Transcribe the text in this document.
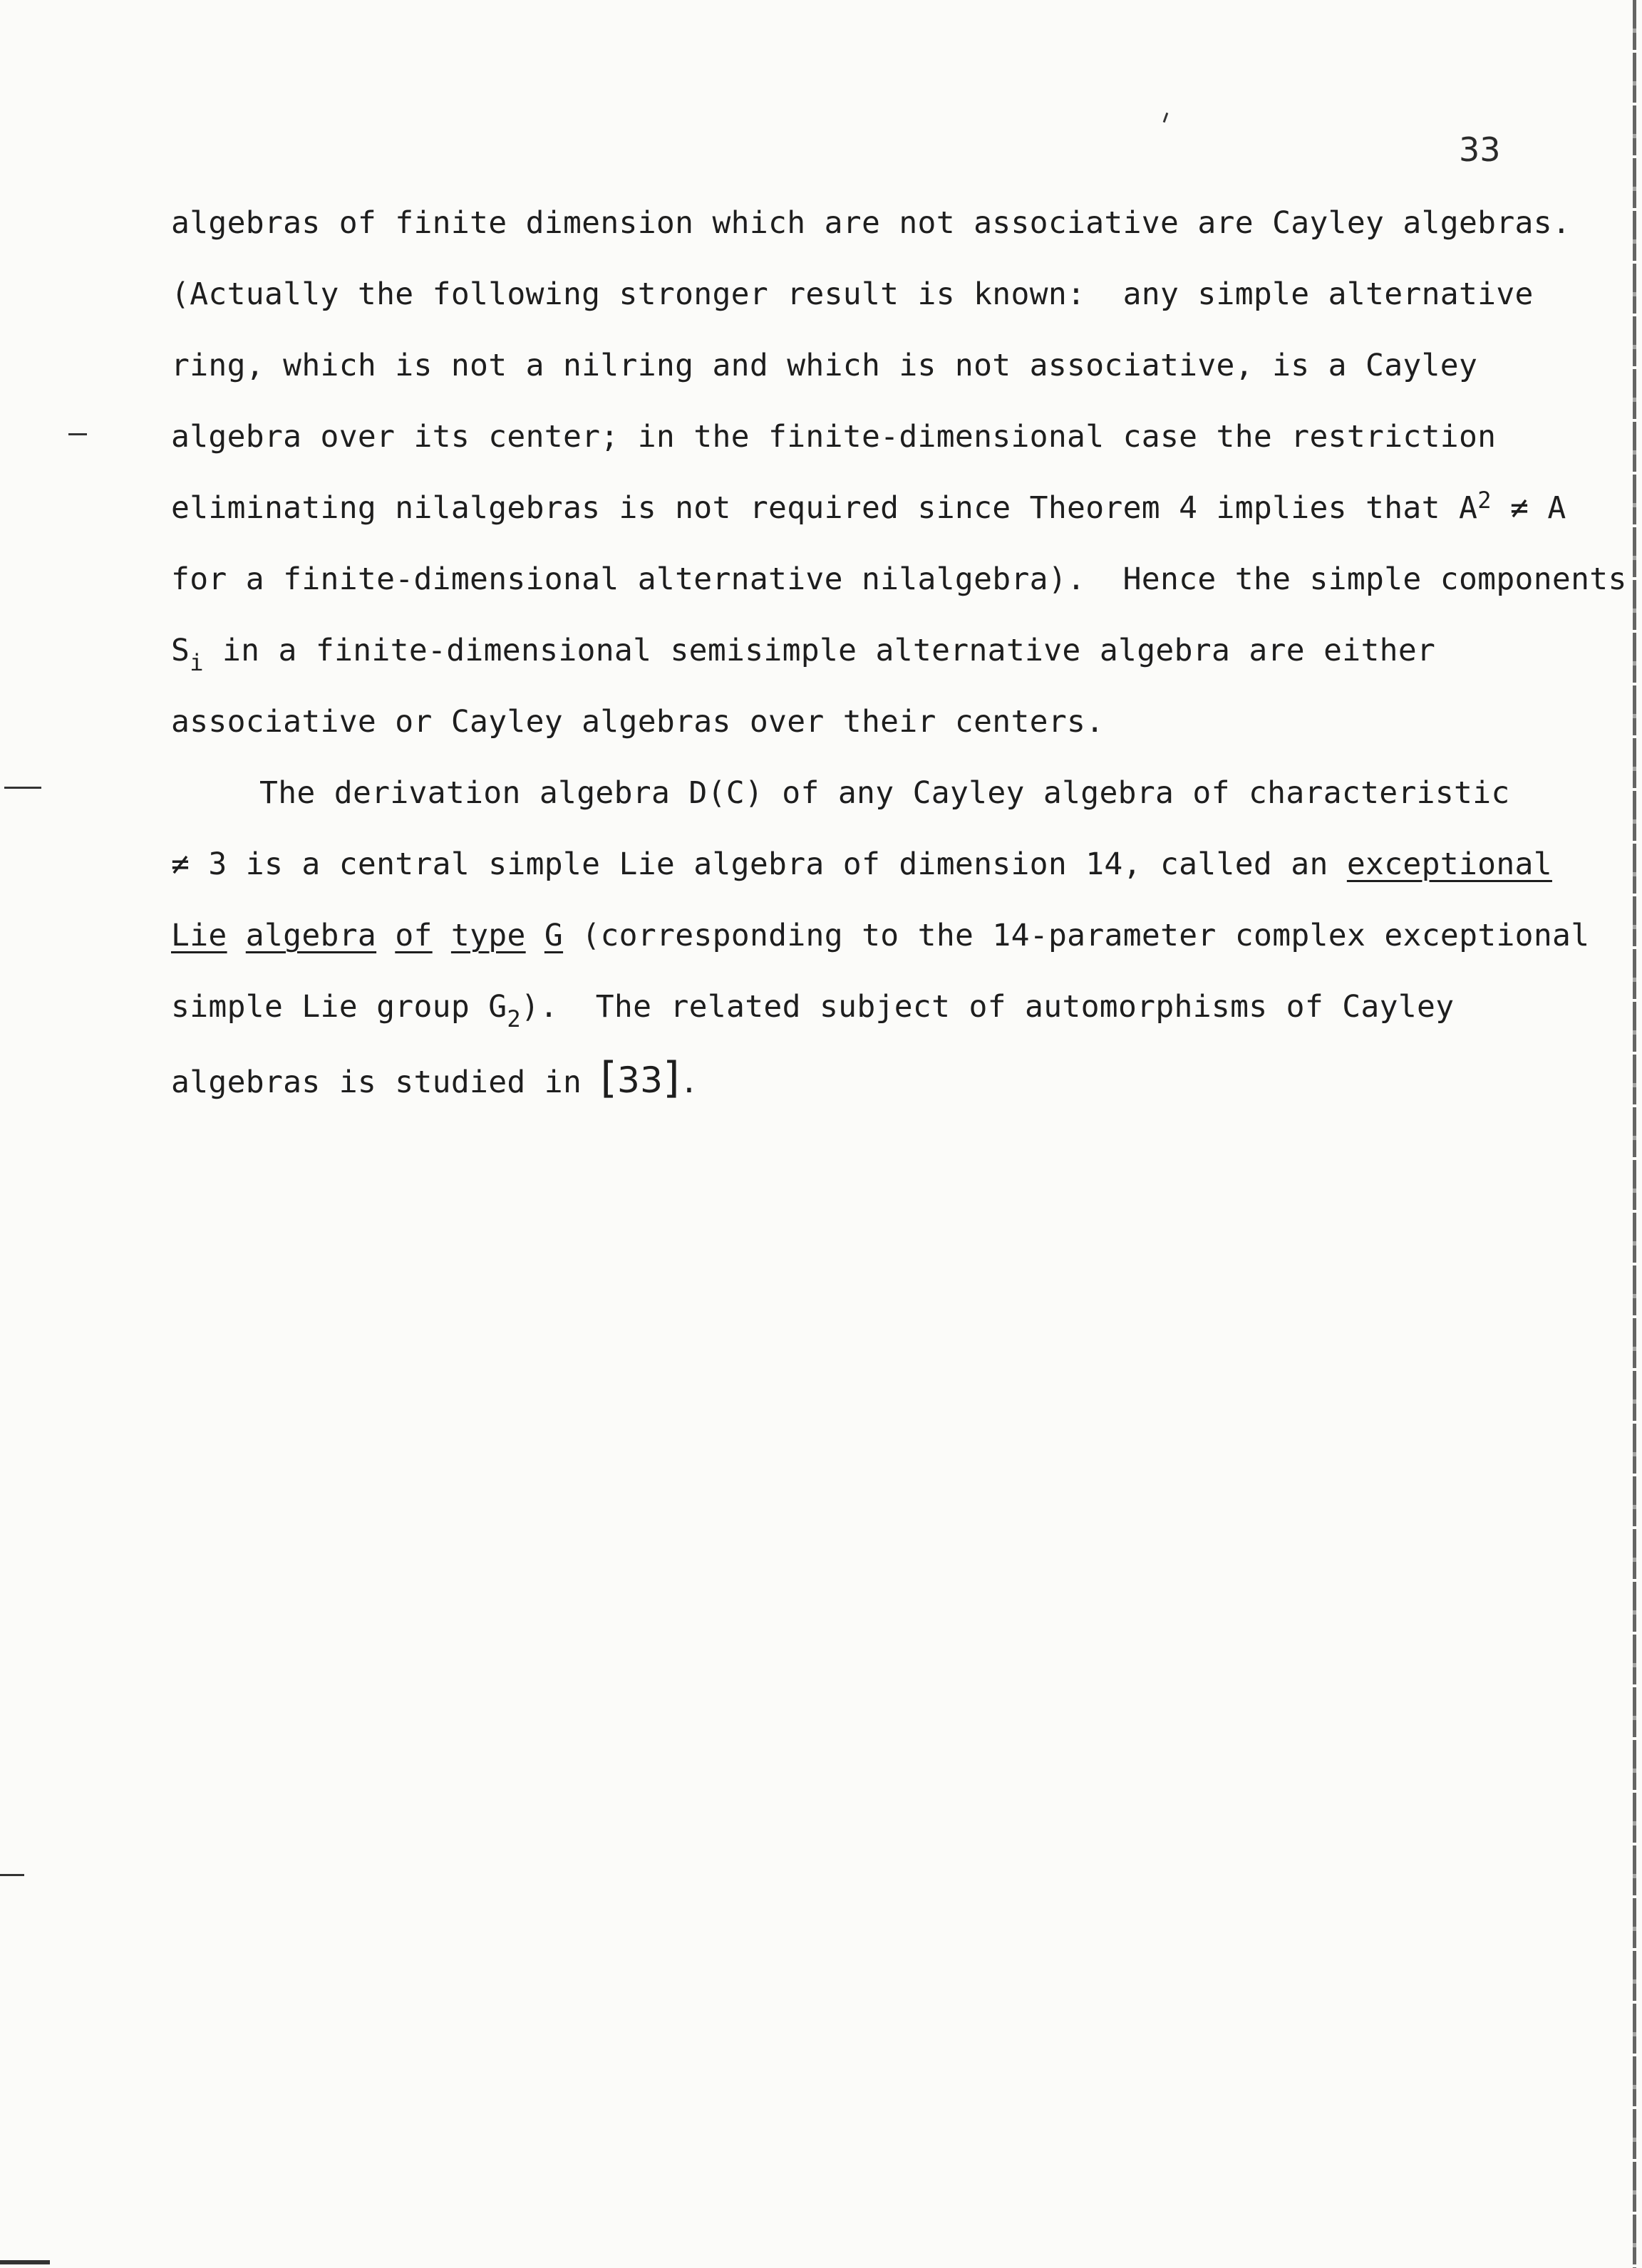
33
algebras of finite dimension which are not associative are Cayley algebras.
(Actually the following stronger result is known:  any simple alternative
ring, which is not a nilring and which is not associative, is a Cayley
algebra over its center; in the finite-dimensional case the restriction
eliminating nilalgebras is not required since Theorem 4 implies that $A^2 \ne A$
for a finite-dimensional alternative nilalgebra).  Hence the simple components
$S_i$ in a finite-dimensional semisimple alternative algebra are either
associative or Cayley algebras over their centers.
The derivation algebra D(C) of any Cayley algebra of characteristic
≠ 3 is a central simple Lie algebra of dimension 14, called an exceptional
Lie algebra of type G (corresponding to the 14-parameter complex exceptional
simple Lie group $G_2$).  The related subject of automorphisms of Cayley
algebras is studied in [33].
